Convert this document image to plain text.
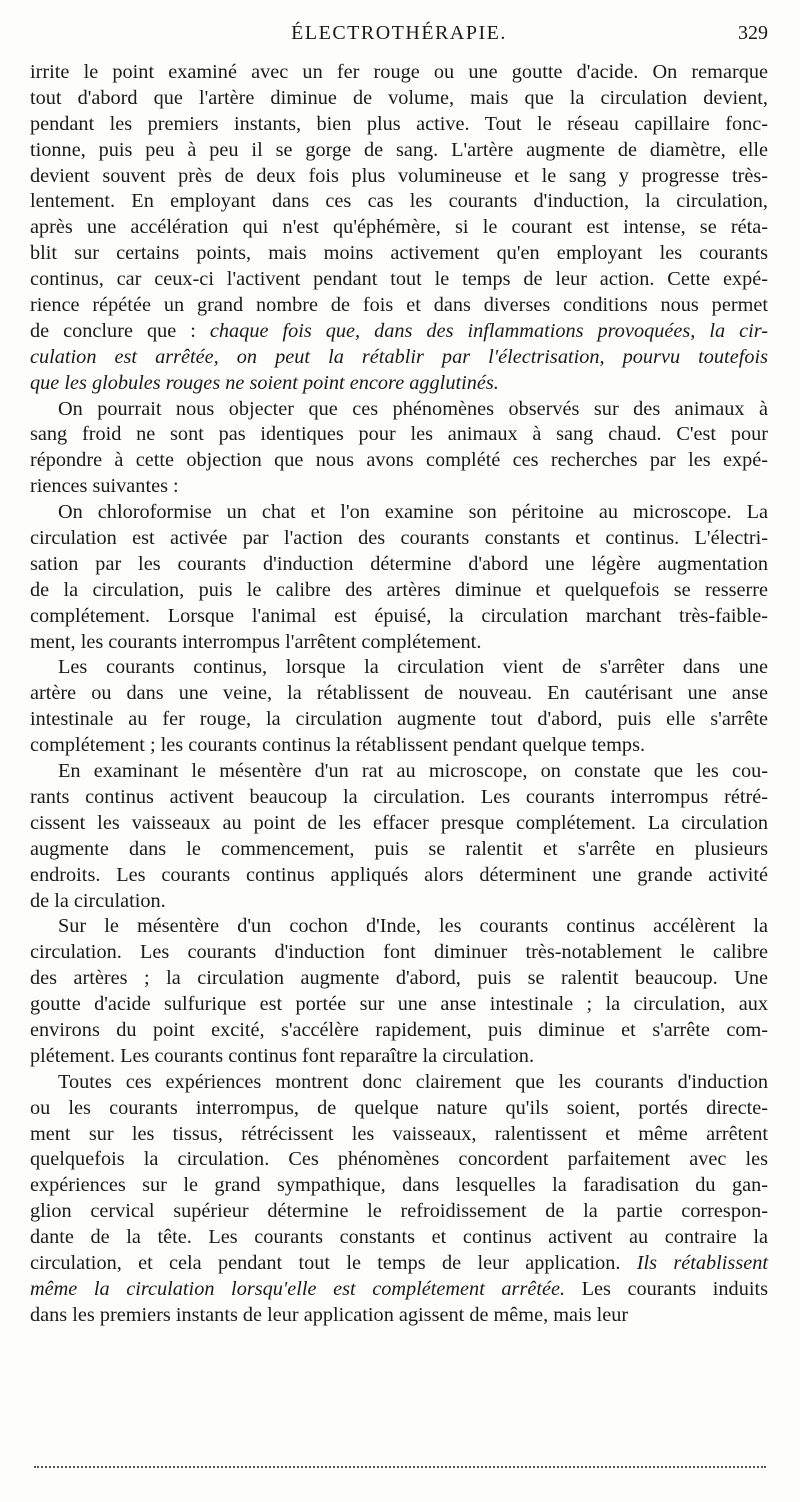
ÉLECTROTHÉRAPIE.	329
irrite le point examiné avec un fer rouge ou une goutte d'acide. On remarque
tout d'abord que l'artère diminue de volume, mais que la circulation devient,
pendant les premiers instants, bien plus active. Tout le réseau capillaire fonc-
tionne, puis peu à peu il se gorge de sang. L'artère augmente de diamètre, elle
devient souvent près de deux fois plus volumineuse et le sang y progresse très-
lentement. En employant dans ces cas les courants d'induction, la circulation,
après une accélération qui n'est qu'éphémère, si le courant est intense, se réta-
blit sur certains points, mais moins activement qu'en employant les courants
continus, car ceux-ci l'activent pendant tout le temps de leur action. Cette expé-
rience répétée un grand nombre de fois et dans diverses conditions nous permet
de conclure que : chaque fois que, dans des inflammations provoquées, la cir-
culation est arrêtée, on peut la rétablir par l'électrisation, pourvu toutefois
que les globules rouges ne soient point encore agglutinés.
On pourrait nous objecter que ces phénomènes observés sur des animaux à
sang froid ne sont pas identiques pour les animaux à sang chaud. C'est pour
répondre à cette objection que nous avons complété ces recherches par les expé-
riences suivantes :
On chloroformise un chat et l'on examine son péritoine au microscope. La
circulation est activée par l'action des courants constants et continus. L'électri-
sation par les courants d'induction détermine d'abord une légère augmentation
de la circulation, puis le calibre des artères diminue et quelquefois se resserre
complétement. Lorsque l'animal est épuisé, la circulation marchant très-faible-
ment, les courants interrompus l'arrêtent complétement.
Les courants continus, lorsque la circulation vient de s'arrêter dans une
artère ou dans une veine, la rétablissent de nouveau. En cautérisant une anse
intestinale au fer rouge, la circulation augmente tout d'abord, puis elle s'arrête
complétement ; les courants continus la rétablissent pendant quelque temps.
En examinant le mésentère d'un rat au microscope, on constate que les cou-
rants continus activent beaucoup la circulation. Les courants interrompus rétré-
cissent les vaisseaux au point de les effacer presque complétement. La circulation
augmente dans le commencement, puis se ralentit et s'arrête en plusieurs
endroits. Les courants continus appliqués alors déterminent une grande activité
de la circulation.
Sur le mésentère d'un cochon d'Inde, les courants continus accélèrent la
circulation. Les courants d'induction font diminuer très-notablement le calibre
des artères ; la circulation augmente d'abord, puis se ralentit beaucoup. Une
goutte d'acide sulfurique est portée sur une anse intestinale ; la circulation, aux
environs du point excité, s'accélère rapidement, puis diminue et s'arrête com-
plétement. Les courants continus font reparaître la circulation.
Toutes ces expériences montrent donc clairement que les courants d'induction
ou les courants interrompus, de quelque nature qu'ils soient, portés directe-
ment sur les tissus, rétrécissent les vaisseaux, ralentissent et même arrêtent
quelquefois la circulation. Ces phénomènes concordent parfaitement avec les
expériences sur le grand sympathique, dans lesquelles la faradisation du gan-
glion cervical supérieur détermine le refroidissement de la partie correspon-
dante de la tête. Les courants constants et continus activent au contraire la
circulation, et cela pendant tout le temps de leur application. Ils rétablissent
même la circulation lorsqu'elle est complétement arrêtée. Les courants induits
dans les premiers instants de leur application agissent de même, mais leur
